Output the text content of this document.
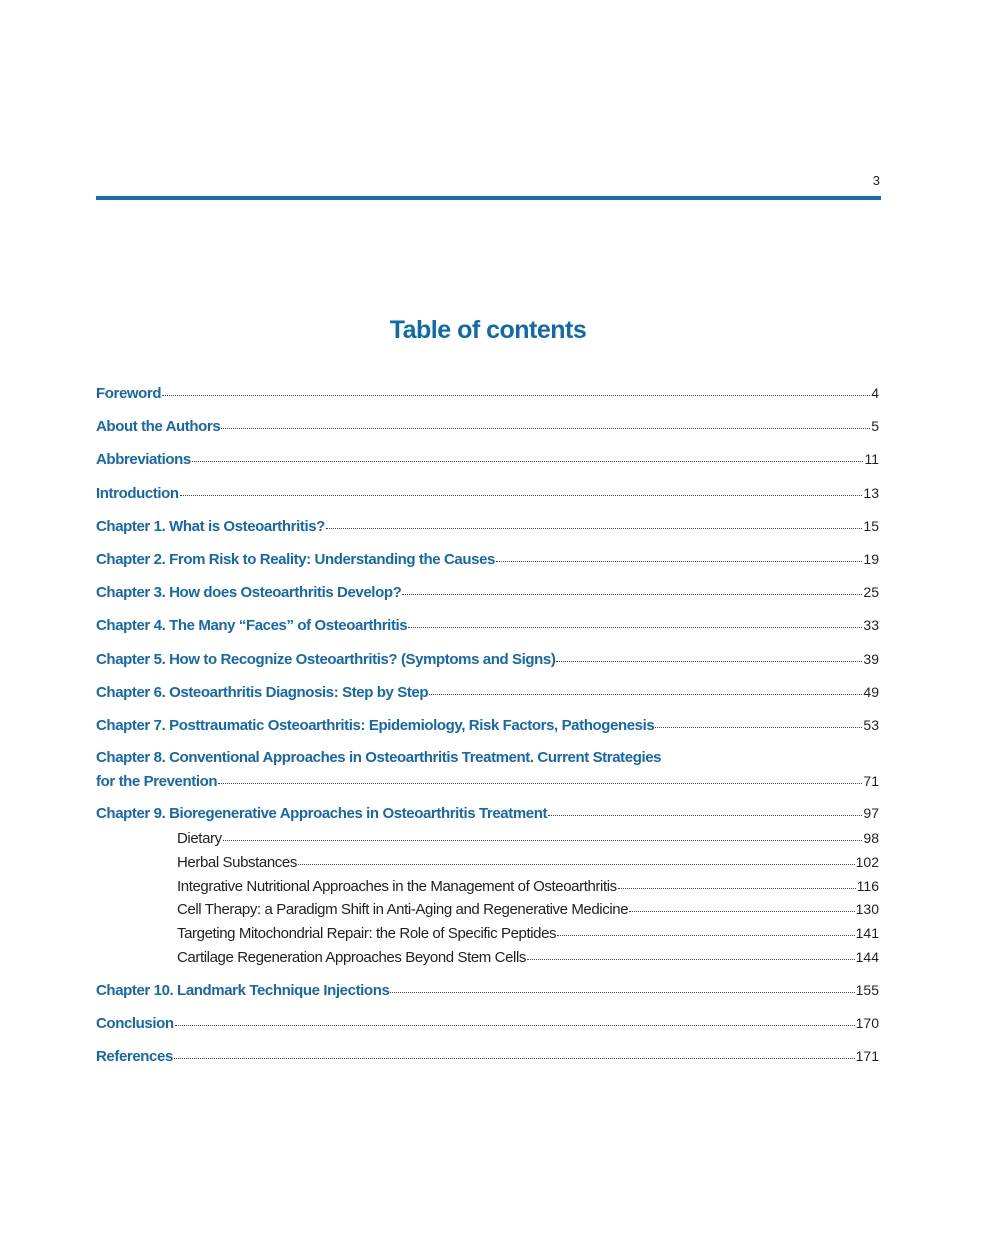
3
Table of contents
Foreword	4
About the Authors	5
Abbreviations	11
Introduction	13
Chapter 1. What is Osteoarthritis?	15
Chapter 2. From Risk to Reality: Understanding the Causes	19
Chapter 3. How does Osteoarthritis Develop?	25
Chapter 4. The Many “Faces” of Osteoarthritis	33
Chapter 5. How to Recognize Osteoarthritis? (Symptoms and Signs)	39
Chapter 6. Osteoarthritis Diagnosis: Step by Step	49
Chapter 7. Posttraumatic Osteoarthritis: Epidemiology, Risk Factors, Pathogenesis	53
Chapter 8. Conventional Approaches in Osteoarthritis Treatment. Current Strategies
for the Prevention	71
Chapter 9. Bioregenerative Approaches in Osteoarthritis Treatment	97
Dietary	98
Herbal Substances	102
Integrative Nutritional Approaches in the Management of Osteoarthritis	116
Cell Therapy: a Paradigm Shift in Anti-Aging and Regenerative Medicine	130
Targeting Mitochondrial Repair: the Role of Specific Peptides	141
Cartilage Regeneration Approaches Beyond Stem Cells	144
Chapter 10. Landmark Technique Injections	155
Conclusion	170
References	171
